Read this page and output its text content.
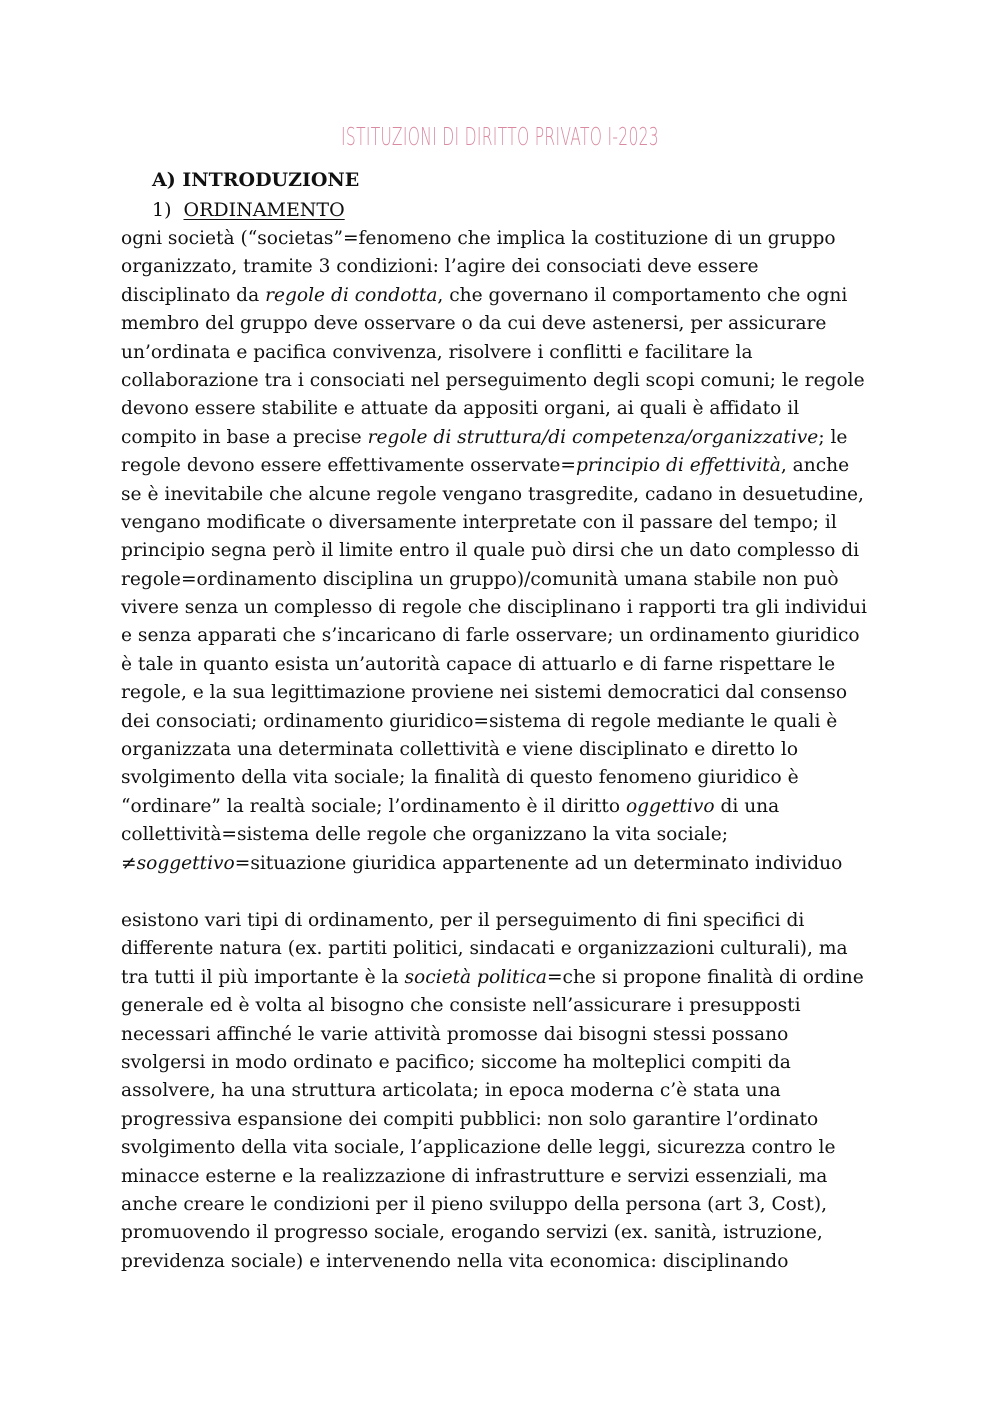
ISTITUZIONI DI DIRITTO PRIVATO I-2023
A) INTRODUZIONE
1) ORDINAMENTO
ogni società (“societas”=fenomeno che implica la costituzione di un gruppo
organizzato, tramite 3 condizioni: l’agire dei consociati deve essere
disciplinato da regole di condotta, che governano il comportamento che ogni
membro del gruppo deve osservare o da cui deve astenersi, per assicurare
un’ordinata e pacifica convivenza, risolvere i conflitti e facilitare la
collaborazione tra i consociati nel perseguimento degli scopi comuni; le regole
devono essere stabilite e attuate da appositi organi, ai quali è affidato il
compito in base a precise regole di struttura/di competenza/organizzative; le
regole devono essere effettivamente osservate=principio di effettività, anche
se è inevitabile che alcune regole vengano trasgredite, cadano in desuetudine,
vengano modificate o diversamente interpretate con il passare del tempo; il
principio segna però il limite entro il quale può dirsi che un dato complesso di
regole=ordinamento disciplina un gruppo)/comunità umana stabile non può
vivere senza un complesso di regole che disciplinano i rapporti tra gli individui
e senza apparati che s’incaricano di farle osservare; un ordinamento giuridico
è tale in quanto esista un’autorità capace di attuarlo e di farne rispettare le
regole, e la sua legittimazione proviene nei sistemi democratici dal consenso
dei consociati; ordinamento giuridico=sistema di regole mediante le quali è
organizzata una determinata collettività e viene disciplinato e diretto lo
svolgimento della vita sociale; la finalità di questo fenomeno giuridico è
“ordinare” la realtà sociale; l’ordinamento è il diritto oggettivo di una
collettività=sistema delle regole che organizzano la vita sociale;
≠soggettivo=situazione giuridica appartenente ad un determinato individuo
esistono vari tipi di ordinamento, per il perseguimento di fini specifici di
differente natura (ex. partiti politici, sindacati e organizzazioni culturali), ma
tra tutti il più importante è la società politica=che si propone finalità di ordine
generale ed è volta al bisogno che consiste nell’assicurare i presupposti
necessari affinché le varie attività promosse dai bisogni stessi possano
svolgersi in modo ordinato e pacifico; siccome ha molteplici compiti da
assolvere, ha una struttura articolata; in epoca moderna c’è stata una
progressiva espansione dei compiti pubblici: non solo garantire l’ordinato
svolgimento della vita sociale, l’applicazione delle leggi, sicurezza contro le
minacce esterne e la realizzazione di infrastrutture e servizi essenziali, ma
anche creare le condizioni per il pieno sviluppo della persona (art 3, Cost),
promuovendo il progresso sociale, erogando servizi (ex. sanità, istruzione,
previdenza sociale) e intervenendo nella vita economica: disciplinando
